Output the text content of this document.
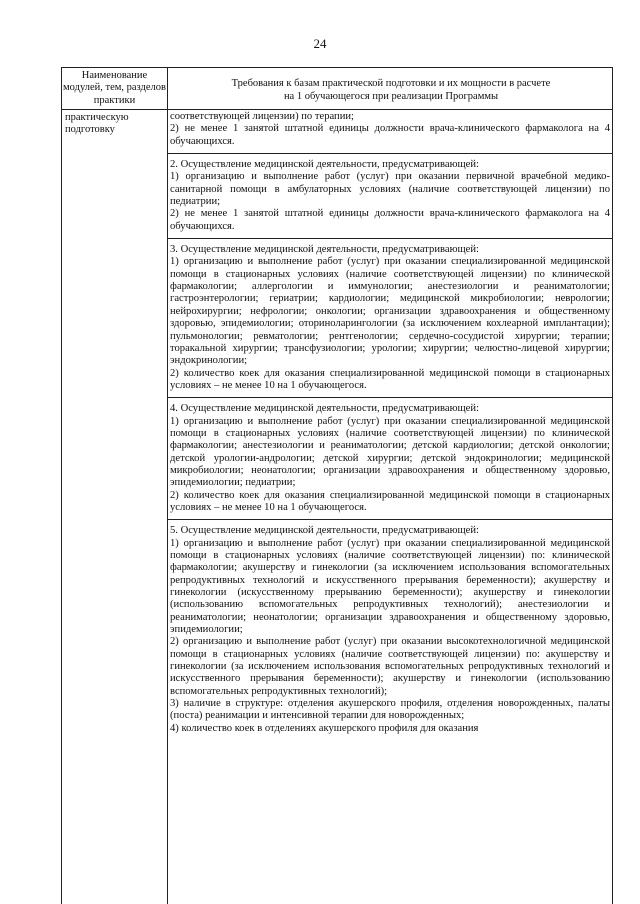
24
Наименование
модулей, тем, разделов
практики
Требования к базам практической подготовки и их мощности в расчете
на 1 обучающегося при реализации Программы
практическую
подготовку

соответствующей лицензии) по терапии;

2) не менее 1 занятой штатной единицы должности врача-клинического фармаколога на 4 обучающихся.

2. Осуществление медицинской деятельности, предусматривающей:

1) организацию и выполнение работ (услуг) при оказании первичной врачебной медико-санитарной помощи в амбулаторных условиях (наличие соответствующей лицензии) по педиатрии;

2) не менее 1 занятой штатной единицы должности врача-клинического фармаколога на 4 обучающихся.

3. Осуществление медицинской деятельности, предусматривающей:

1) организацию и выполнение работ (услуг) при оказании специализированной медицинской помощи в стационарных условиях (наличие соответствующей лицензии) по клинической фармакологии; аллергологии и иммунологии; анестезиологии и реаниматологии; гастроэнтерологии; гериатрии; кардиологии; медицинской микробиологии; неврологии; нейрохирургии; нефрологии; онкологии; организации здравоохранения и общественному здоровью, эпидемиологии; оториноларингологии (за исключением кохлеарной имплантации); пульмонологии; ревматологии; рентгенологии; сердечно-сосудистой хирургии; терапии; торакальной хирургии; трансфузиологии; урологии; хирургии; челюстно-лицевой хирургии; эндокринологии;

2) количество коек для оказания специализированной медицинской помощи в стационарных условиях – не менее 10 на 1 обучающегося.

4. Осуществление медицинской деятельности, предусматривающей:

1) организацию и выполнение работ (услуг) при оказании специализированной медицинской помощи в стационарных условиях (наличие соответствующей лицензии) по клинической фармакологии; анестезиологии и реаниматологии; детской кардиологии; детской онкологии; детской урологии-андрологии; детской хирургии; детской эндокринологии; медицинской микробиологии; неонатологии; организации здравоохранения и общественному здоровью, эпидемиологии; педиатрии;

2) количество коек для оказания специализированной медицинской помощи в стационарных условиях – не менее 10 на 1 обучающегося.

5. Осуществление медицинской деятельности, предусматривающей:

1) организацию и выполнение работ (услуг) при оказании специализированной медицинской помощи в стационарных условиях (наличие соответствующей лицензии) по: клинической фармакологии; акушерству и гинекологии (за исключением использования вспомогательных репродуктивных технологий и искусственного прерывания беременности); акушерству и гинекологии (искусственному прерыванию беременности); акушерству и гинекологии (использованию вспомогательных репродуктивных технологий); анестезиологии и реаниматологии; неонатологии; организации здравоохранения и общественному здоровью, эпидемиологии;

2) организацию и выполнение работ (услуг) при оказании высокотехнологичной медицинской помощи в стационарных условиях (наличие соответствующей лицензии) по: акушерству и гинекологии (за исключением использования вспомогательных репродуктивных технологий и искусственного прерывания беременности); акушерству и гинекологии (использованию вспомогательных репродуктивных технологий);

3) наличие в структуре: отделения акушерского профиля, отделения новорожденных, палаты (поста) реанимации и интенсивной терапии для новорожденных;

4) количество коек в отделениях акушерского профиля для оказания
